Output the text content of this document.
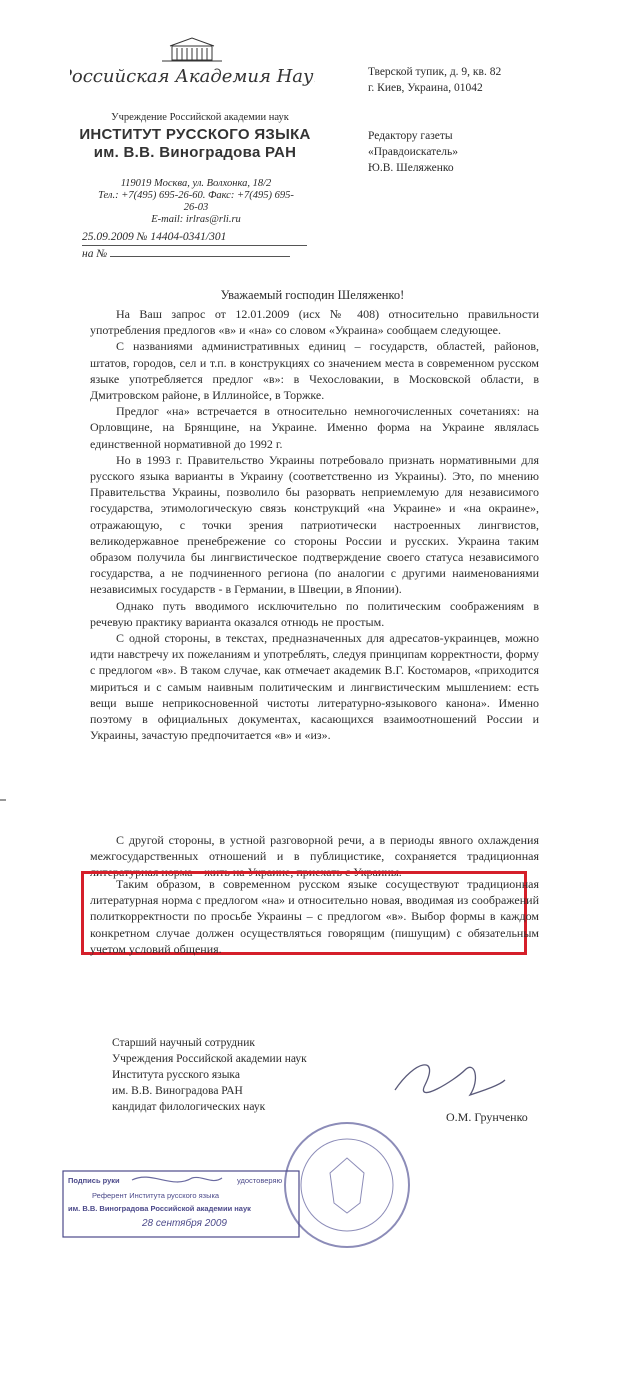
Российская Академия Наук
Учреждение Российской академии наук
ИНСТИТУТ РУССКОГО ЯЗЫКА
им. В.В. Виноградова РАН
119019 Москва, ул. Волхонка, 18/2
Тел.: +7(495) 695-26-60. Факс: +7(495) 695-26-03
E-mail: irlras@rli.ru
25.09.2009 № 14404-0341/301
на №
Тверской тупик, д. 9, кв. 82
г. Киев, Украина, 01042
Редактору газеты
«Правдоискатель»
Ю.В. Шеляженко
Уважаемый господин Шеляженко!

На Ваш запрос от 12.01.2009 (исх № 408) относительно правильности употребления предлогов «в» и «на» со словом «Украина» сообщаем следующее.

С названиями административных единиц – государств, областей, районов, штатов, городов, сел и т.п. в конструкциях со значением места в современном русском языке употребляется предлог «в»: в Чехословакии, в Московской области, в Дмитровском районе, в Иллинойсе, в Торжке.

Предлог «на» встречается в относительно немногочисленных сочетаниях: на Орловщине, на Брянщине, на Украине. Именно форма на Украине являлась единственной нормативной до 1992 г.

Но в 1993 г. Правительство Украины потребовало признать нормативными для русского языка варианты в Украину (соответственно из Украины). Это, по мнению Правительства Украины, позволило бы разорвать неприемлемую для независимого государства, этимологическую связь конструкций «на Украине» и «на окраине», отражающую, с точки зрения патриотически настроенных лингвистов, великодержавное пренебрежение со стороны России и русских. Украина таким образом получила бы лингвистическое подтверждение своего статуса независимого государства, а не подчиненного региона (по аналогии с другими наименованиями независимых государств - в Германии, в Швеции, в Японии).

Однако путь вводимого исключительно по политическим соображениям в речевую практику варианта оказался отнюдь не простым.

С одной стороны, в текстах, предназначенных для адресатов-украинцев, можно идти навстречу их пожеланиям и употреблять, следуя принципам корректности, форму с предлогом «в». В таком случае, как отмечает академик В.Г. Костомаров, «приходится мириться и с самым наивным политическим и лингвистическим мышлением: есть вещи выше неприкосновенной чистоты литературно-языкового канона». Именно поэтому в официальных документах, касающихся взаимоотношений России и Украины, зачастую предпочитается «в» и «из».

С другой стороны, в устной разговорной речи, а в периоды явного охлаждения межгосударственных отношений и в публицистике, сохраняется традиционная литературная норма – жить на Украине, приехать с Украины.

Таким образом, в современном русском языке сосуществуют традиционная литературная норма с предлогом «на» и относительно новая, вводимая из соображений политкорректности по просьбе Украины – с предлогом «в». Выбор формы в каждом конкретном случае должен осуществляться говорящим (пишущим) с обязательным учетом условий общения.

Старший научный сотрудник
Учреждения Российской академии наук
Института русского языка
им. В.В. Виноградова РАН
кандидат филологических наук
О.М. Грунченко
Подпись руки	удостоверяю
Референт Института русского языка
им. В.В. Виноградова Российской академии наук
28 сентября 2009
